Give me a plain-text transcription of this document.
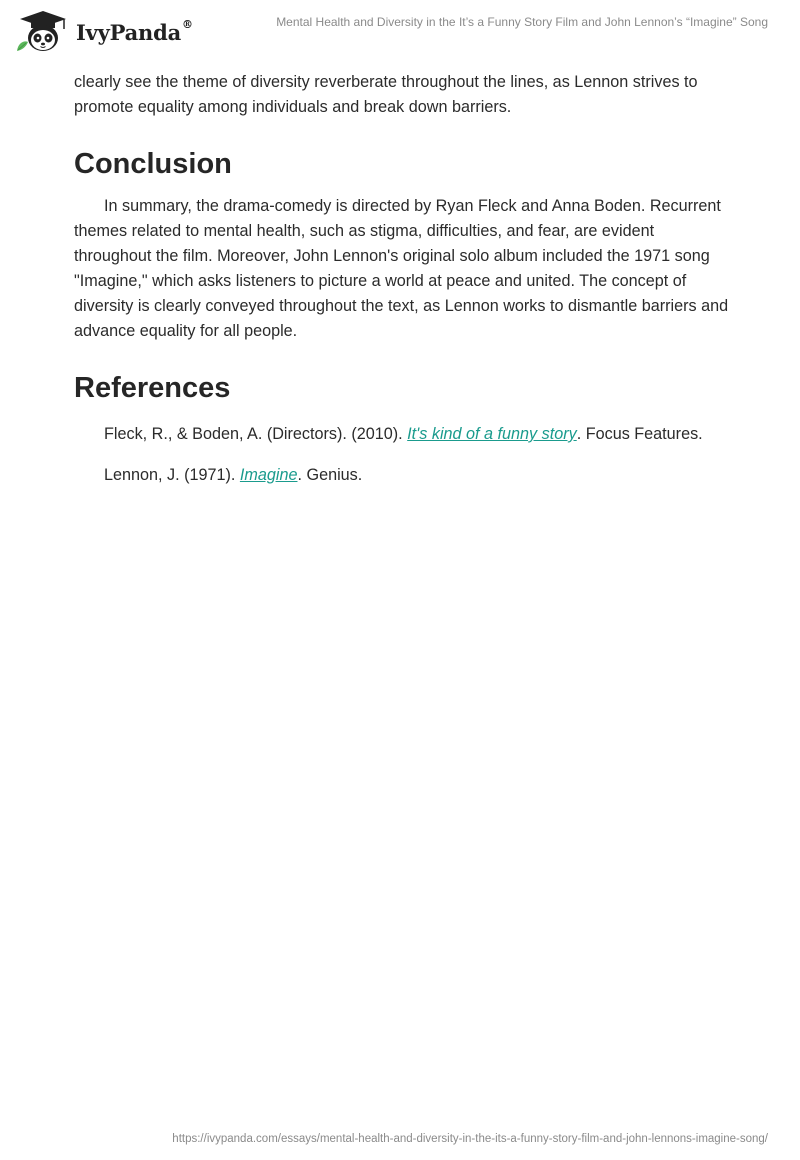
IvyPanda®	Mental Health and Diversity in the It’s a Funny Story Film and John Lennon’s “Imagine” Song

clearly see the theme of diversity reverberate throughout the lines, as Lennon strives to promote equality among individuals and break down barriers.

Conclusion

In summary, the drama-comedy is directed by Ryan Fleck and Anna Boden. Recurrent themes related to mental health, such as stigma, difficulties, and fear, are evident throughout the film. Moreover, John Lennon's original solo album included the 1971 song "Imagine," which asks listeners to picture a world at peace and united. The concept of diversity is clearly conveyed throughout the text, as Lennon works to dismantle barriers and advance equality for all people.

References

Fleck, R., & Boden, A. (Directors). (2010). It's kind of a funny story. Focus Features.

Lennon, J. (1971). Imagine. Genius.

https://ivypanda.com/essays/mental-health-and-diversity-in-the-its-a-funny-story-film-and-john-lennons-imagine-song/
